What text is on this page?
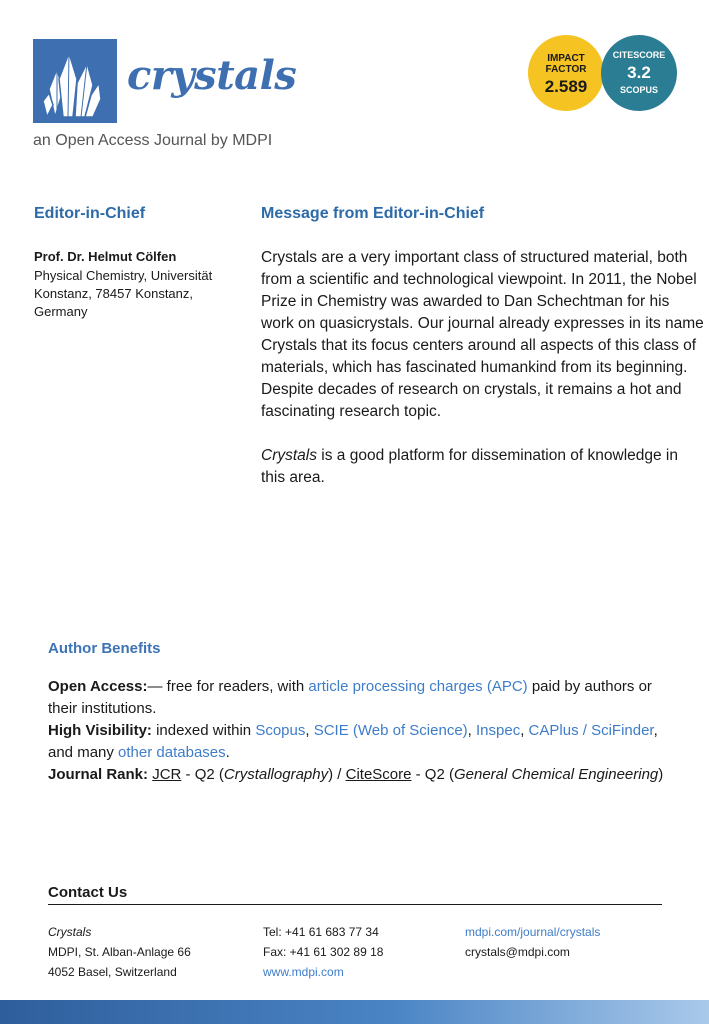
crystals
an Open Access Journal by MDPI
IMPACT
FACTOR
2.589
CITESCORE
3.2
SCOPUS
Editor-in-Chief
Prof. Dr. Helmut Cölfen
Physical Chemistry, Universität Konstanz, 78457 Konstanz, Germany
Message from Editor-in-Chief

Crystals are a very important class of structured material, both from a scientific and technological viewpoint. In 2011, the Nobel Prize in Chemistry was awarded to Dan Schechtman for his work on quasicrystals. Our journal already expresses in its name Crystals that its focus centers around all aspects of this class of materials, which has fascinated humankind from its beginning. Despite decades of research on crystals, it remains a hot and fascinating research topic.

Crystals is a good platform for dissemination of knowledge in this area.

Author Benefits
Open Access:— free for readers, with article processing charges (APC) paid by authors or their institutions.
High Visibility: indexed within Scopus, SCIE (Web of Science), Inspec, CAPlus / SciFinder, and many other databases.
Journal Rank: JCR - Q2 (Crystallography) / CiteScore - Q2 (General Chemical Engineering)
Contact Us
Crystals
MDPI, St. Alban-Anlage 66
4052 Basel, Switzerland
Tel: +41 61 683 77 34
Fax: +41 61 302 89 18
www.mdpi.com
mdpi.com/journal/crystals
crystals@mdpi.com
